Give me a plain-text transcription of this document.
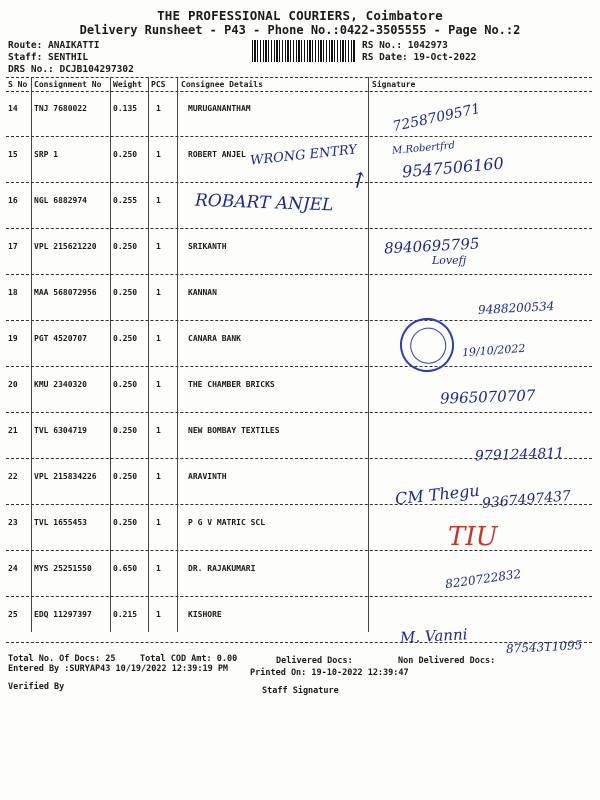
THE PROFESSIONAL COURIERS, Coimbatore
Delivery Runsheet - P43 - Phone No.:0422-3505555 - Page No.:2
Route: ANAIKATTI
Staff: SENTHIL
DRS No.: DCJB104297302
RS No.: 1042973
RS Date: 19-Oct-2022
S No Consignment No Weight PCS Consignee Details	Signature
14 TNJ 7680022	0.135 1	MURUGANANTHAM
15 SRP 1	0.250 1	ROBERT ANJEL
16 NGL 6882974	0.255 1
17 VPL 215621220 0.250 1	SRIKANTH
18 MAA 568072956 0.250 1	KANNAN
19 PGT 4520707	0.250 1	CANARA BANK
20 KMU 2340320	0.250 1	THE CHAMBER BRICKS
21 TVL 6304719	0.250 1	NEW BOMBAY TEXTILES
22 VPL 215834226 0.250 1	ARAVINTH
23 TVL 1655453	0.250 1	P G V MATRIC SCL
24 MYS 25251550	0.650 1	DR. RAJAKUMARI
25 EDQ 11297397	0.215 1	KISHORE
7258709571
WRONG ENTRY	M.Robertfrd
9547506160
↗
ROBART ANJEL
8940695795
Lovefj
9488200534
19/10/2022
9965070707
9791244811
CM Thegu 9367497437
TIU
8220722832
M. Vanni
8754311095
Total No. Of Docs: 25	Total COD Amt: 0.00	Delivered Docs:	Non Delivered Docs:
Entered By :SURYAP43 10/19/2022 12:39:19 PM	Printed On: 19-10-2022 12:39:47
Verified By	Staff Signature
